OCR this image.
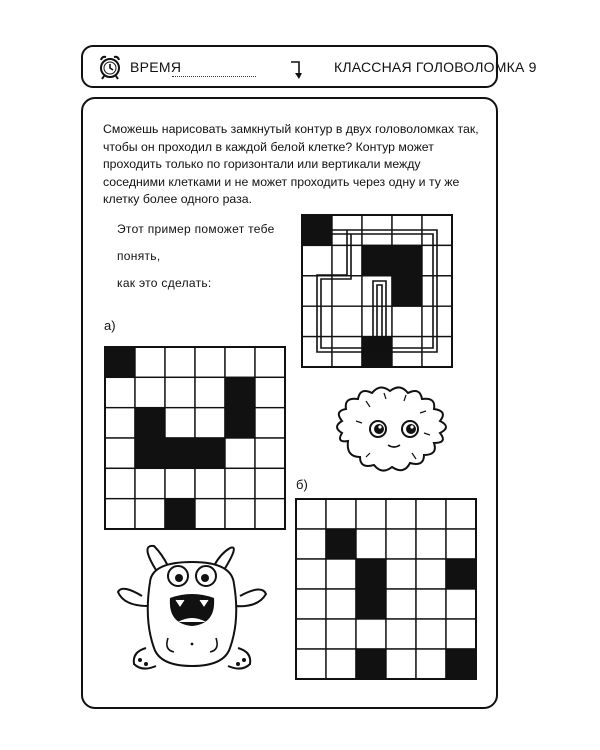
ВРЕМЯ	КЛАССНАЯ ГОЛОВОЛОМКА 9
Сможешь нарисовать замкнутый контур в двух головоломках так, чтобы он проходил в каждой белой клетке? Контур может проходить только по горизонтали или вертикали между соседними клетками и не может проходить через одну и ту же клетку более одного раза.
Этот пример поможет тебе понять,
как это сделать:
а)
б)
